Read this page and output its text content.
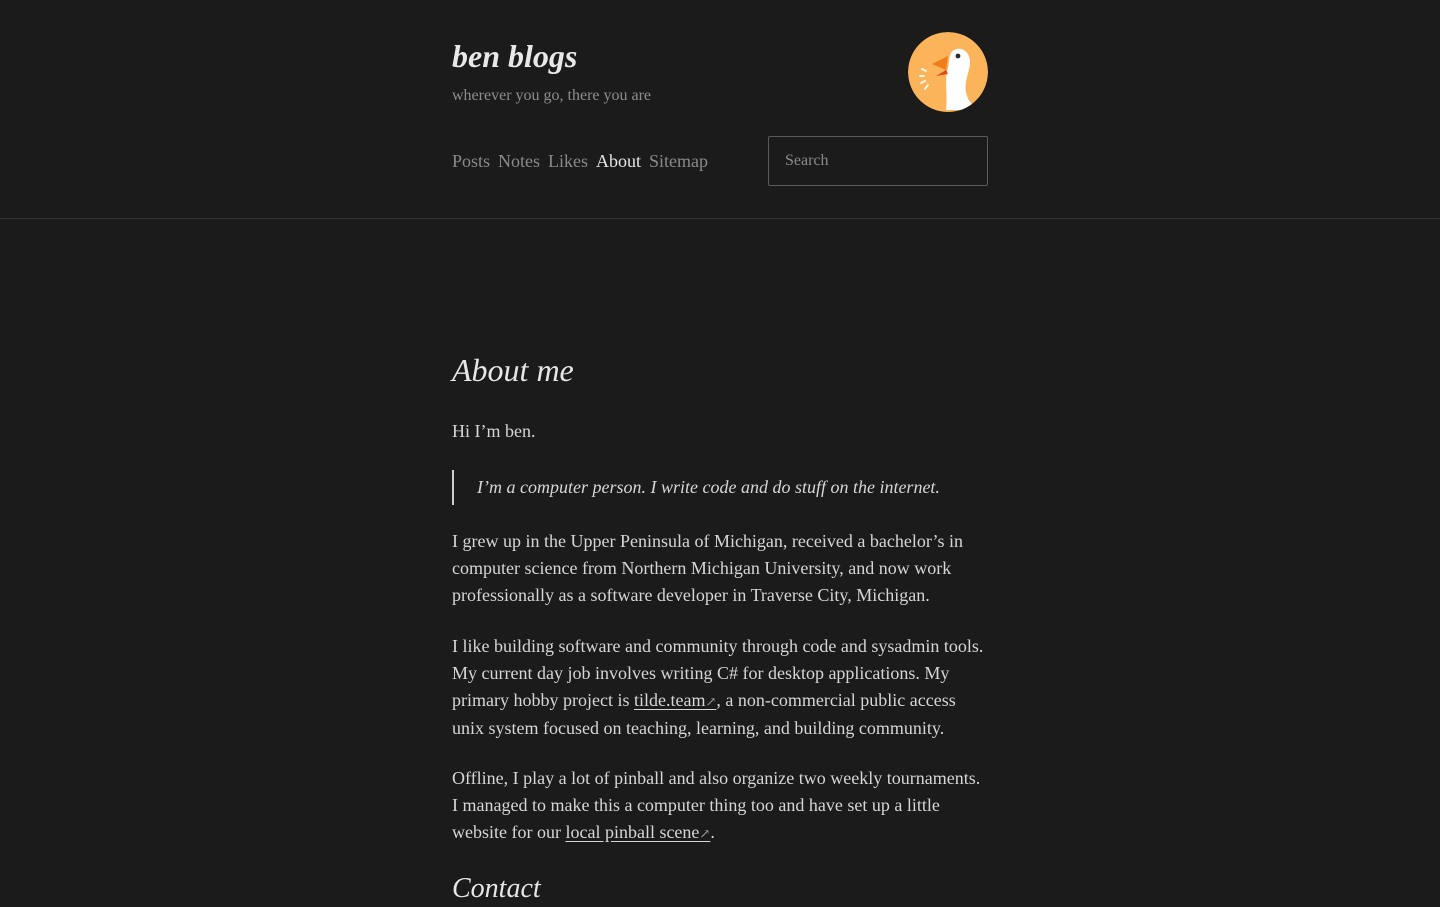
ben blogs
wherever you go, there you are
Posts Notes Likes About Sitemap
Search
About me

Hi I’m ben.

I’m a computer person. I write code and do stuff on the internet.

I grew up in the Upper Peninsula of Michigan, received a bachelor’s in computer science from Northern Michigan University, and now work professionally as a software developer in Traverse City, Michigan.

I like building software and community through code and sysadmin tools. My current day job involves writing C# for desktop applications. My primary hobby project is tilde.team↗, a non-commercial public access unix system focused on teaching, learning, and building community.

Offline, I play a lot of pinball and also organize two weekly tournaments. I managed to make this a computer thing too and have set up a little website for our local pinball scene↗.

Contact
